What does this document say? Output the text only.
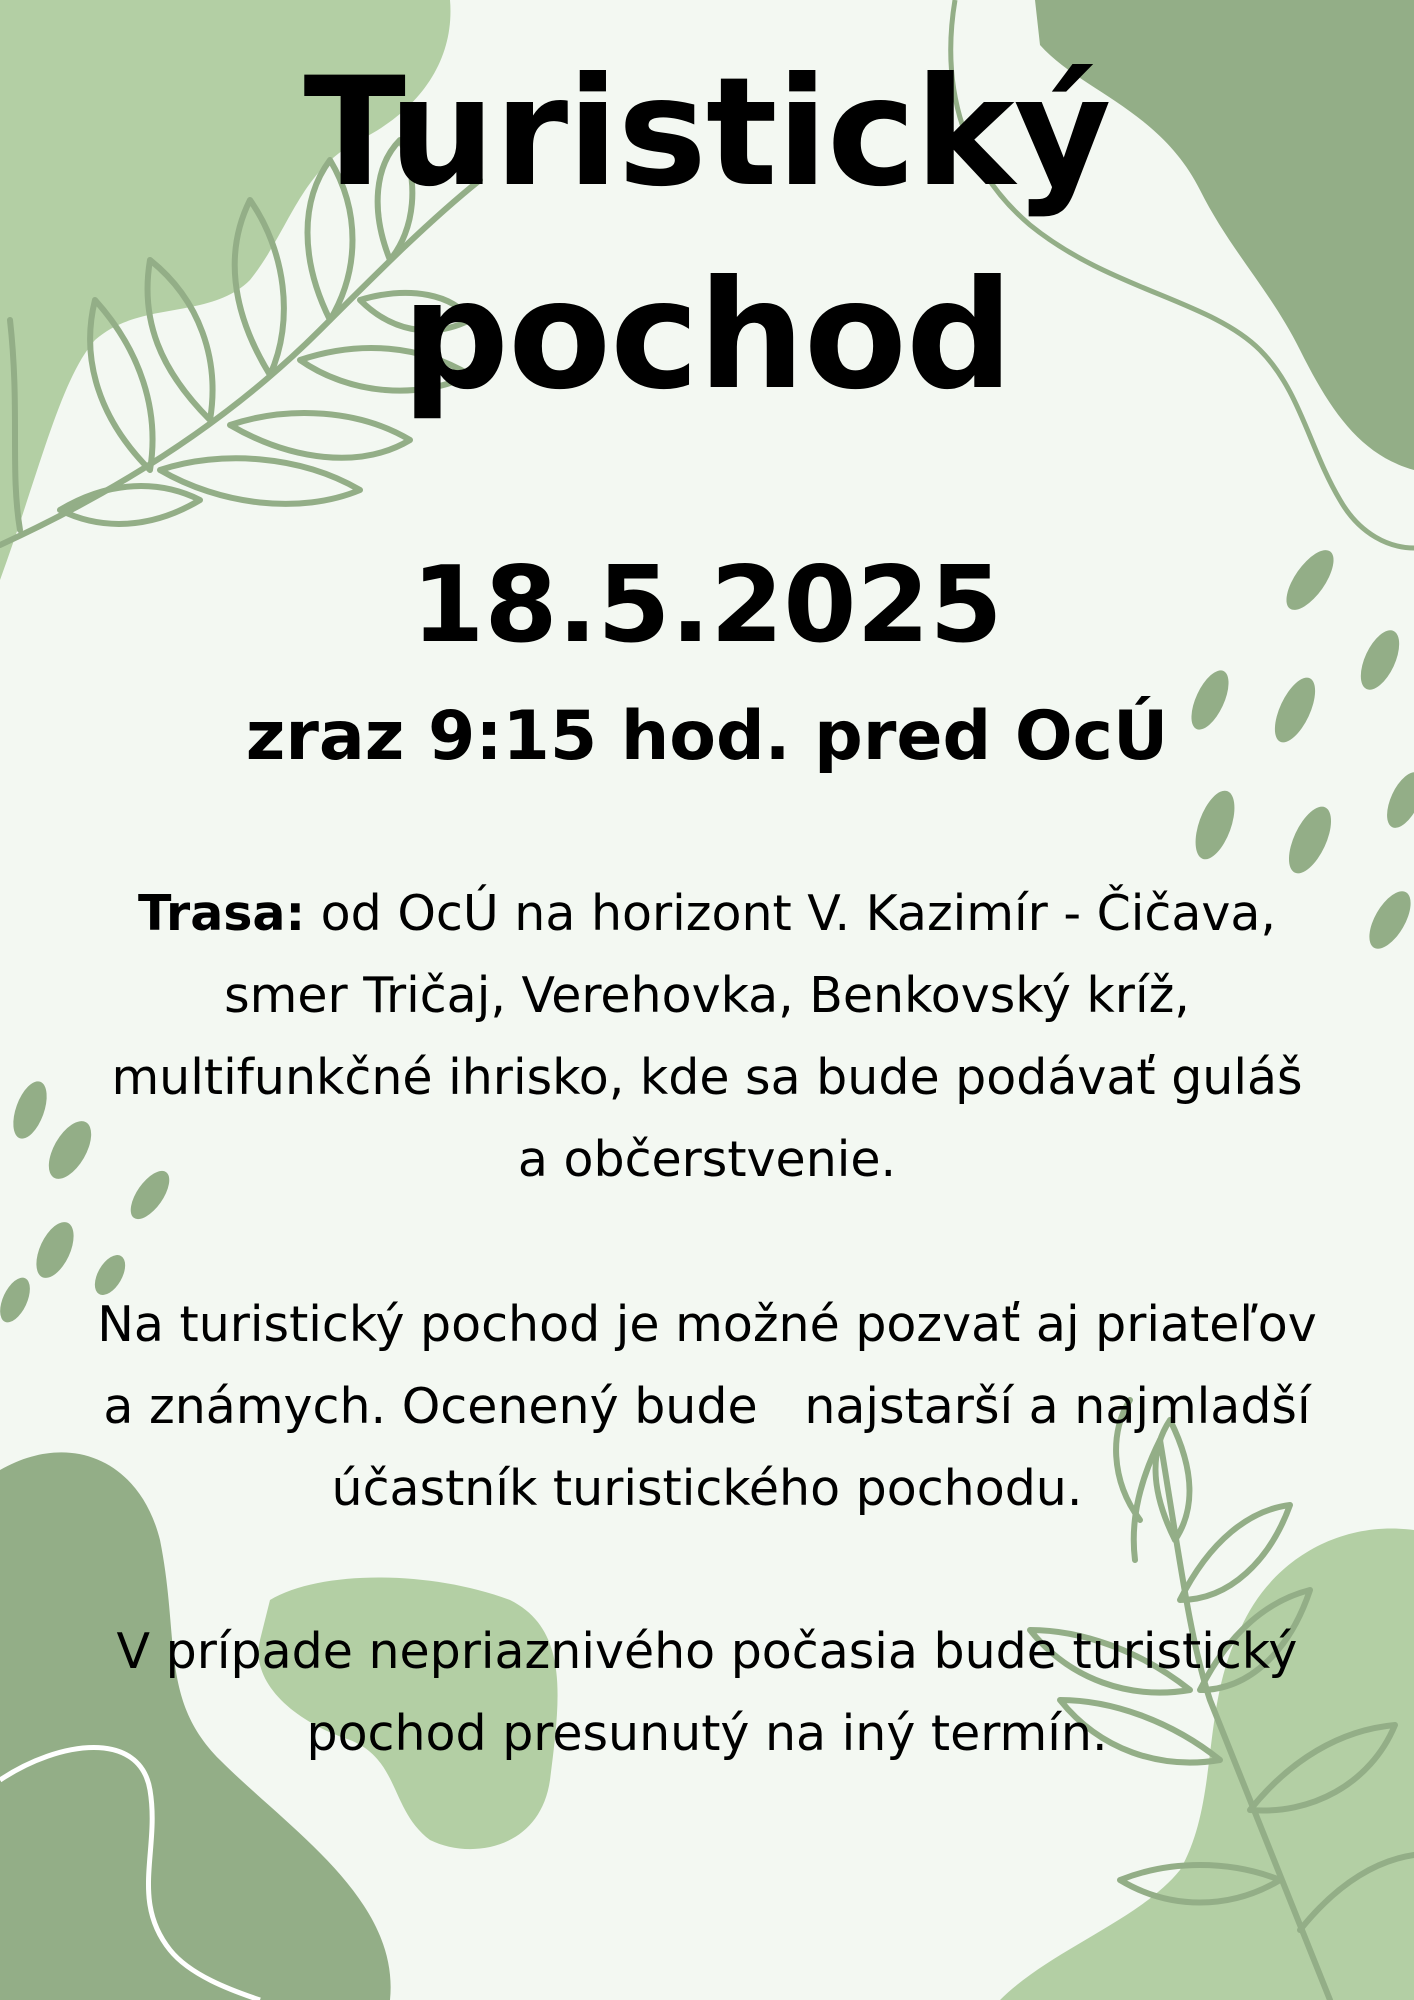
Turistický
pochod
18.5.2025
zraz 9:15 hod. pred OcÚ
Trasa: od OcÚ na horizont V. Kazimír - Čičava,
smer Tričaj, Verehovka, Benkovský kríž,
multifunkčné ihrisko, kde sa bude podávať guláš
a občerstvenie.
Na turistický pochod je možné pozvať aj priateľov
a známych. Ocenený bude   najstarší a najmladší
účastník turistického pochodu.
V prípade nepriaznivého počasia bude turistický
pochod presunutý na iný termín.
